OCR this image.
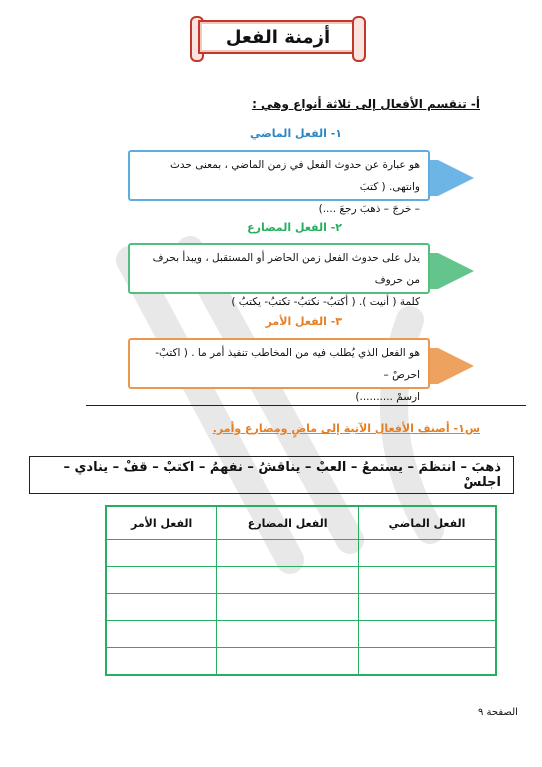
أزمنة الفعل
أ- تنقسم الأفعال إلى ثلاثة أنواع وهي :
١- الفعل الماضي
هو عبارة عن حدوث الفعل في زمن الماضي ، بمعنى حدث وانتهى. ( كتبَ
– خرجَ – ذهبَ رجعَ ....)
٢- الفعل المضارع
يدل على حدوث الفعل زمن الحاضر أو المستقبل ، ويبدأ بحرف من حروف
كلمة ( أنيت ). ( أكتبُ- نكتبُ- تكتبُ- يكتبُ )
٣- الفعل الأمر
هو الفعل الذي يُطلب فيه من المخاطب تنفيذ أمر ما . ( اكتبْ- احرصْ –
ارسمْ ..........)
س١- أصنف الأفعال الآتية إلى ماضٍ ومضارع وأمر.
ذهبَ – انتظمَ – يستمعُ – العبْ – يناقشُ – نفهمُ – اكتبْ – قفْ – ينادي – اجلسْ
الفعل الأمر	الفعل المضارع	الفعل الماضي

الصفحة ٩
